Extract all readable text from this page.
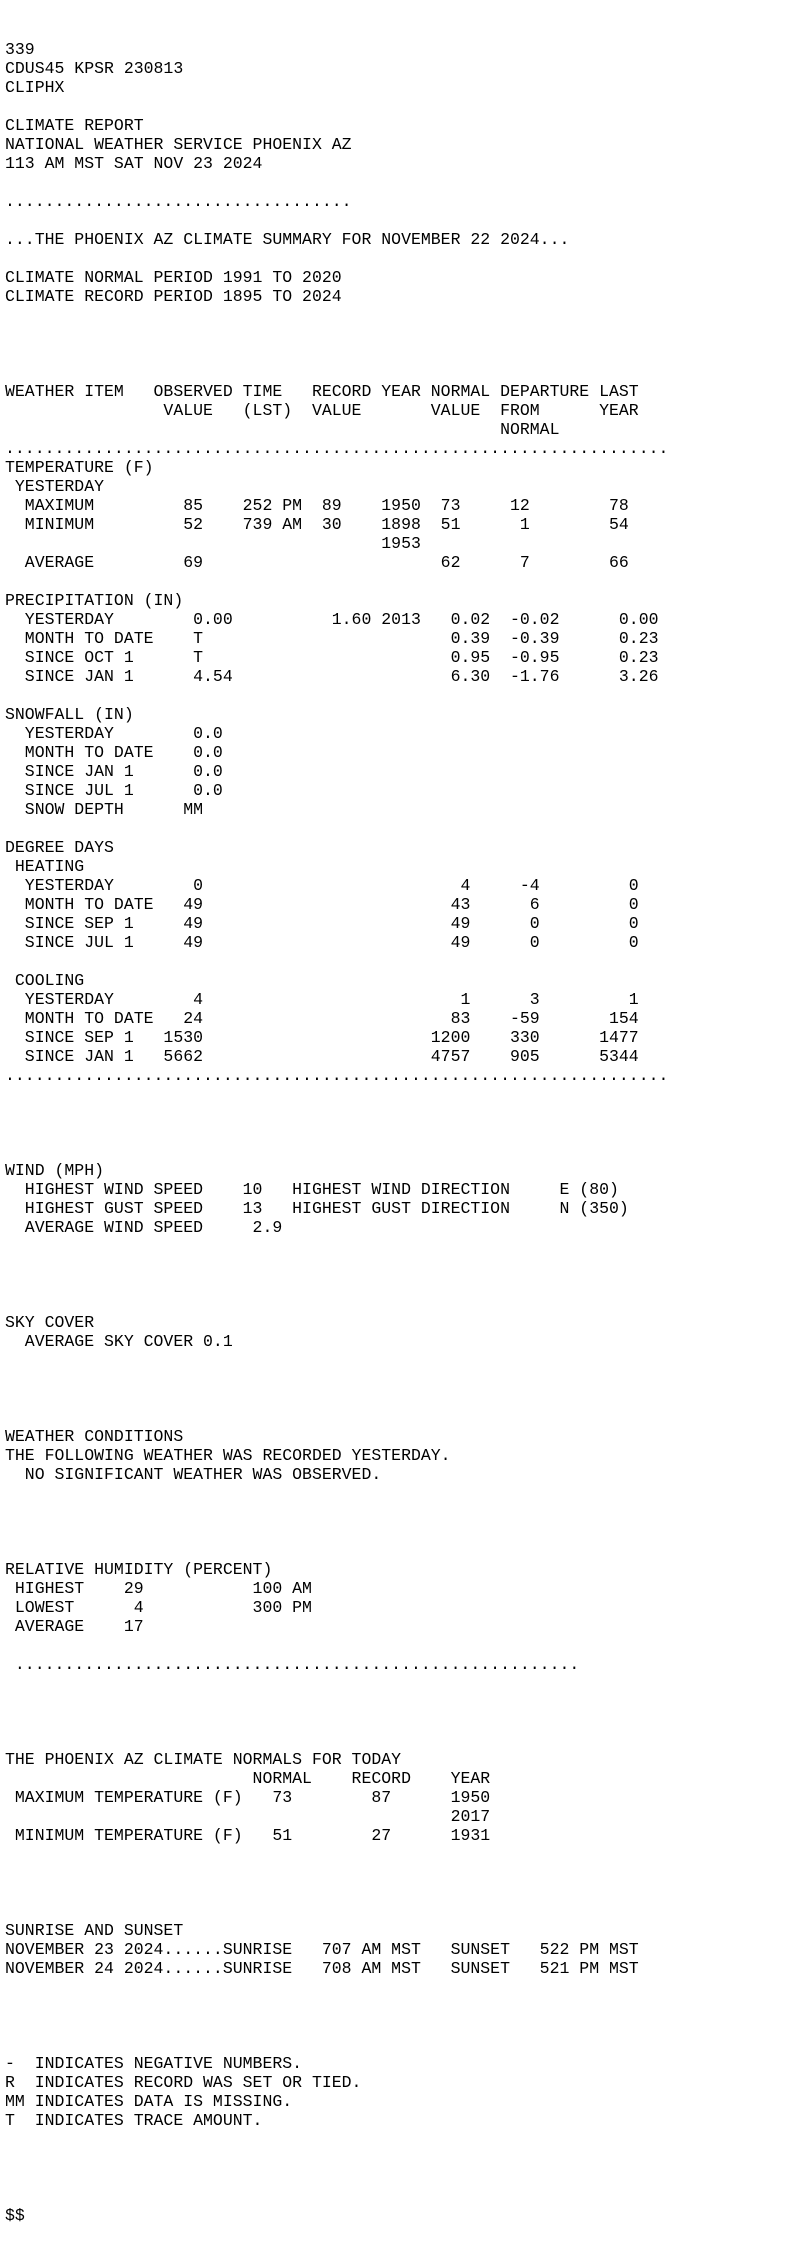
339
CDUS45 KPSR 230813
CLIPHX
CLIMATE REPORT
NATIONAL WEATHER SERVICE PHOENIX AZ
113 AM MST SAT NOV 23 2024
...................................
...THE PHOENIX AZ CLIMATE SUMMARY FOR NOVEMBER 22 2024...
CLIMATE NORMAL PERIOD 1991 TO 2020
CLIMATE RECORD PERIOD 1895 TO 2024

WEATHER ITEM   OBSERVED TIME   RECORD YEAR NORMAL DEPARTURE LAST
VALUE   (LST)  VALUE       VALUE  FROM      YEAR
NORMAL
...................................................................
TEMPERATURE (F)
YESTERDAY
MAXIMUM         85    252 PM  89    1950  73     12        78
MINIMUM         52    739 AM  30    1898  51      1        54
1953
AVERAGE         69                        62      7        66
PRECIPITATION (IN)
YESTERDAY        0.00          1.60 2013   0.02  -0.02      0.00
MONTH TO DATE    T                         0.39  -0.39      0.23
SINCE OCT 1      T                         0.95  -0.95      0.23
SINCE JAN 1      4.54                      6.30  -1.76      3.26
SNOWFALL (IN)
YESTERDAY        0.0
MONTH TO DATE    0.0
SINCE JAN 1      0.0
SINCE JUL 1      0.0
SNOW DEPTH      MM
DEGREE DAYS
HEATING
YESTERDAY        0                          4     -4         0
MONTH TO DATE   49                         43      6         0
SINCE SEP 1     49                         49      0         0
SINCE JUL 1     49                         49      0         0
COOLING
YESTERDAY        4                          1      3         1
MONTH TO DATE   24                         83    -59       154
SINCE SEP 1   1530                       1200    330      1477
SINCE JAN 1   5662                       4757    905      5344
...................................................................

WIND (MPH)
HIGHEST WIND SPEED    10   HIGHEST WIND DIRECTION     E (80)
HIGHEST GUST SPEED    13   HIGHEST GUST DIRECTION     N (350)
AVERAGE WIND SPEED     2.9

SKY COVER
AVERAGE SKY COVER 0.1

WEATHER CONDITIONS
THE FOLLOWING WEATHER WAS RECORDED YESTERDAY.
NO SIGNIFICANT WEATHER WAS OBSERVED.

RELATIVE HUMIDITY (PERCENT)
HIGHEST    29           100 AM
LOWEST      4           300 PM
AVERAGE    17
.........................................................

THE PHOENIX AZ CLIMATE NORMALS FOR TODAY
NORMAL    RECORD    YEAR
MAXIMUM TEMPERATURE (F)   73        87      1950
2017
MINIMUM TEMPERATURE (F)   51        27      1931

SUNRISE AND SUNSET
NOVEMBER 23 2024......SUNRISE   707 AM MST   SUNSET   522 PM MST
NOVEMBER 24 2024......SUNRISE   708 AM MST   SUNSET   521 PM MST

-  INDICATES NEGATIVE NUMBERS.
R  INDICATES RECORD WAS SET OR TIED.
MM INDICATES DATA IS MISSING.
T  INDICATES TRACE AMOUNT.
$$
